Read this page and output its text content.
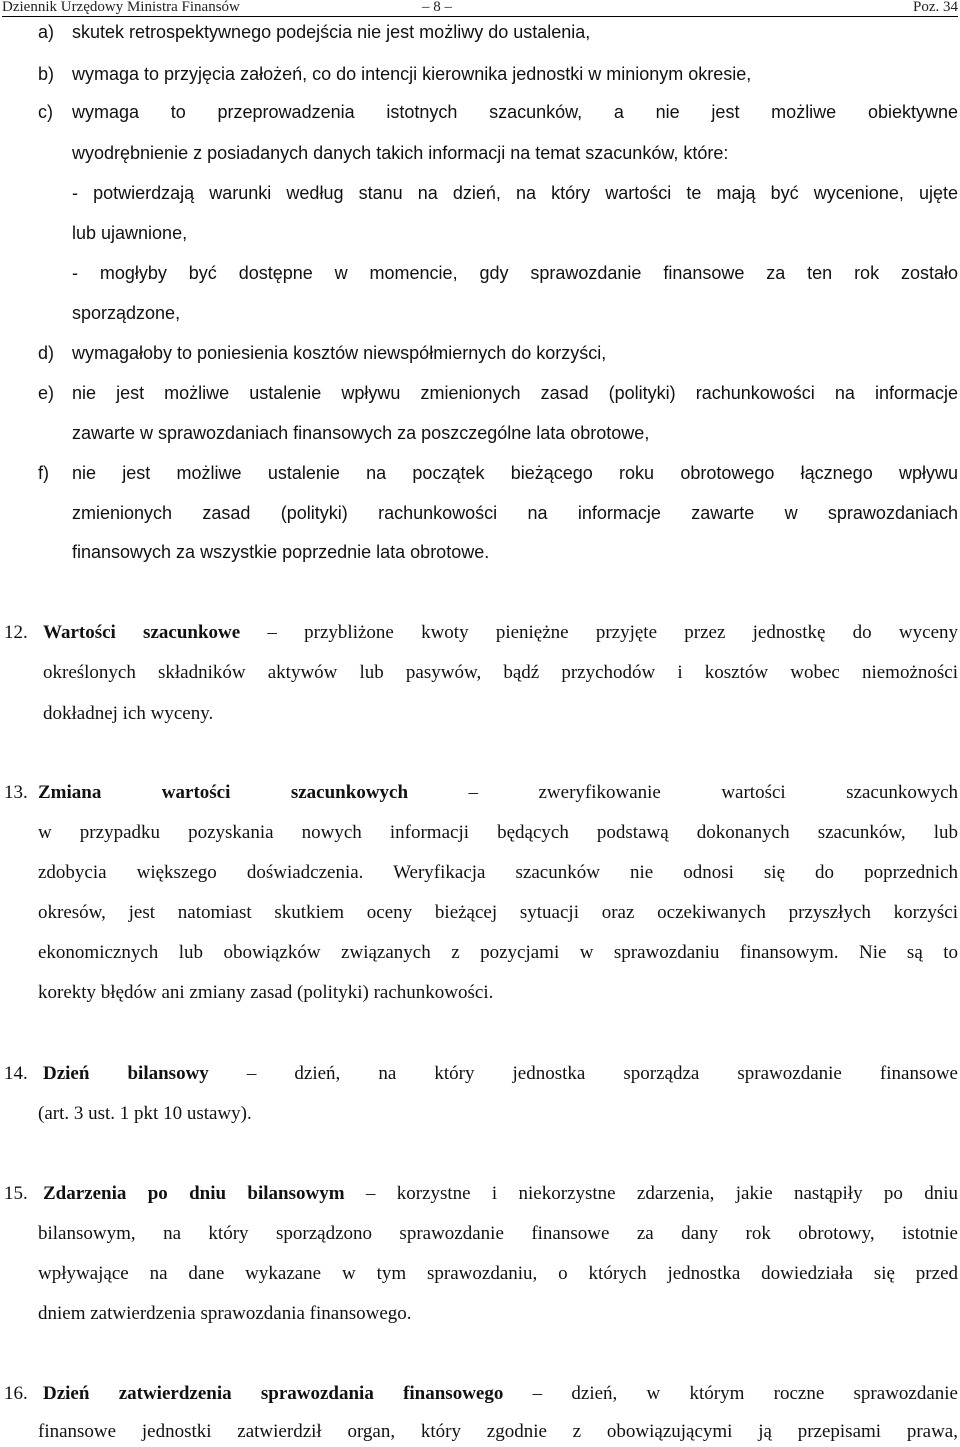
Dziennik Urzędowy Ministra Finansów	– 8 –	Poz. 34
a) skutek retrospektywnego podejścia nie jest możliwy do ustalenia,
b) wymaga to przyjęcia założeń, co do intencji kierownika jednostki w minionym okresie,
c) wymaga to przeprowadzenia istotnych szacunków, a nie jest możliwe obiektywne
wyodrębnienie z posiadanych danych takich informacji na temat szacunków, które:
- potwierdzają warunki według stanu na dzień, na który wartości te mają być wycenione, ujęte
lub ujawnione,
- mogłyby być dostępne w momencie, gdy sprawozdanie finansowe za ten rok zostało
sporządzone,
d) wymagałoby to poniesienia kosztów niewspółmiernych do korzyści,
e) nie jest możliwe ustalenie wpływu zmienionych zasad (polityki) rachunkowości na informacje
zawarte w sprawozdaniach finansowych za poszczególne lata obrotowe,
f) nie jest możliwe ustalenie na początek bieżącego roku obrotowego łącznego wpływu
zmienionych zasad (polityki) rachunkowości na informacje zawarte w sprawozdaniach
finansowych za wszystkie poprzednie lata obrotowe.
12. Wartości szacunkowe – przybliżone kwoty pieniężne przyjęte przez jednostkę do wyceny
określonych składników aktywów lub pasywów, bądź przychodów i kosztów wobec niemożności
dokładnej ich wyceny.
13. Zmiana wartości szacunkowych	– zweryfikowanie wartości szacunkowych
w przypadku pozyskania nowych informacji będących podstawą dokonanych szacunków, lub
zdobycia większego doświadczenia. Weryfikacja szacunków nie odnosi się do poprzednich
okresów, jest natomiast skutkiem oceny bieżącej sytuacji oraz oczekiwanych przyszłych korzyści
ekonomicznych lub obowiązków związanych z pozycjami w sprawozdaniu finansowym. Nie są to
korekty błędów ani zmiany zasad (polityki) rachunkowości.
14. Dzień bilansowy – dzień, na który jednostka sporządza sprawozdanie finansowe
(art. 3 ust. 1 pkt 10 ustawy).
15. Zdarzenia po dniu bilansowym – korzystne i niekorzystne zdarzenia, jakie nastąpiły po dniu
bilansowym, na który sporządzono sprawozdanie finansowe za dany rok obrotowy, istotnie
wpływające na dane wykazane w tym sprawozdaniu, o których jednostka dowiedziała się przed
dniem zatwierdzenia sprawozdania finansowego.
16. Dzień zatwierdzenia sprawozdania finansowego – dzień, w którym roczne sprawozdanie
finansowe jednostki zatwierdził organ, który zgodnie z obowiązującymi ją przepisami prawa,
